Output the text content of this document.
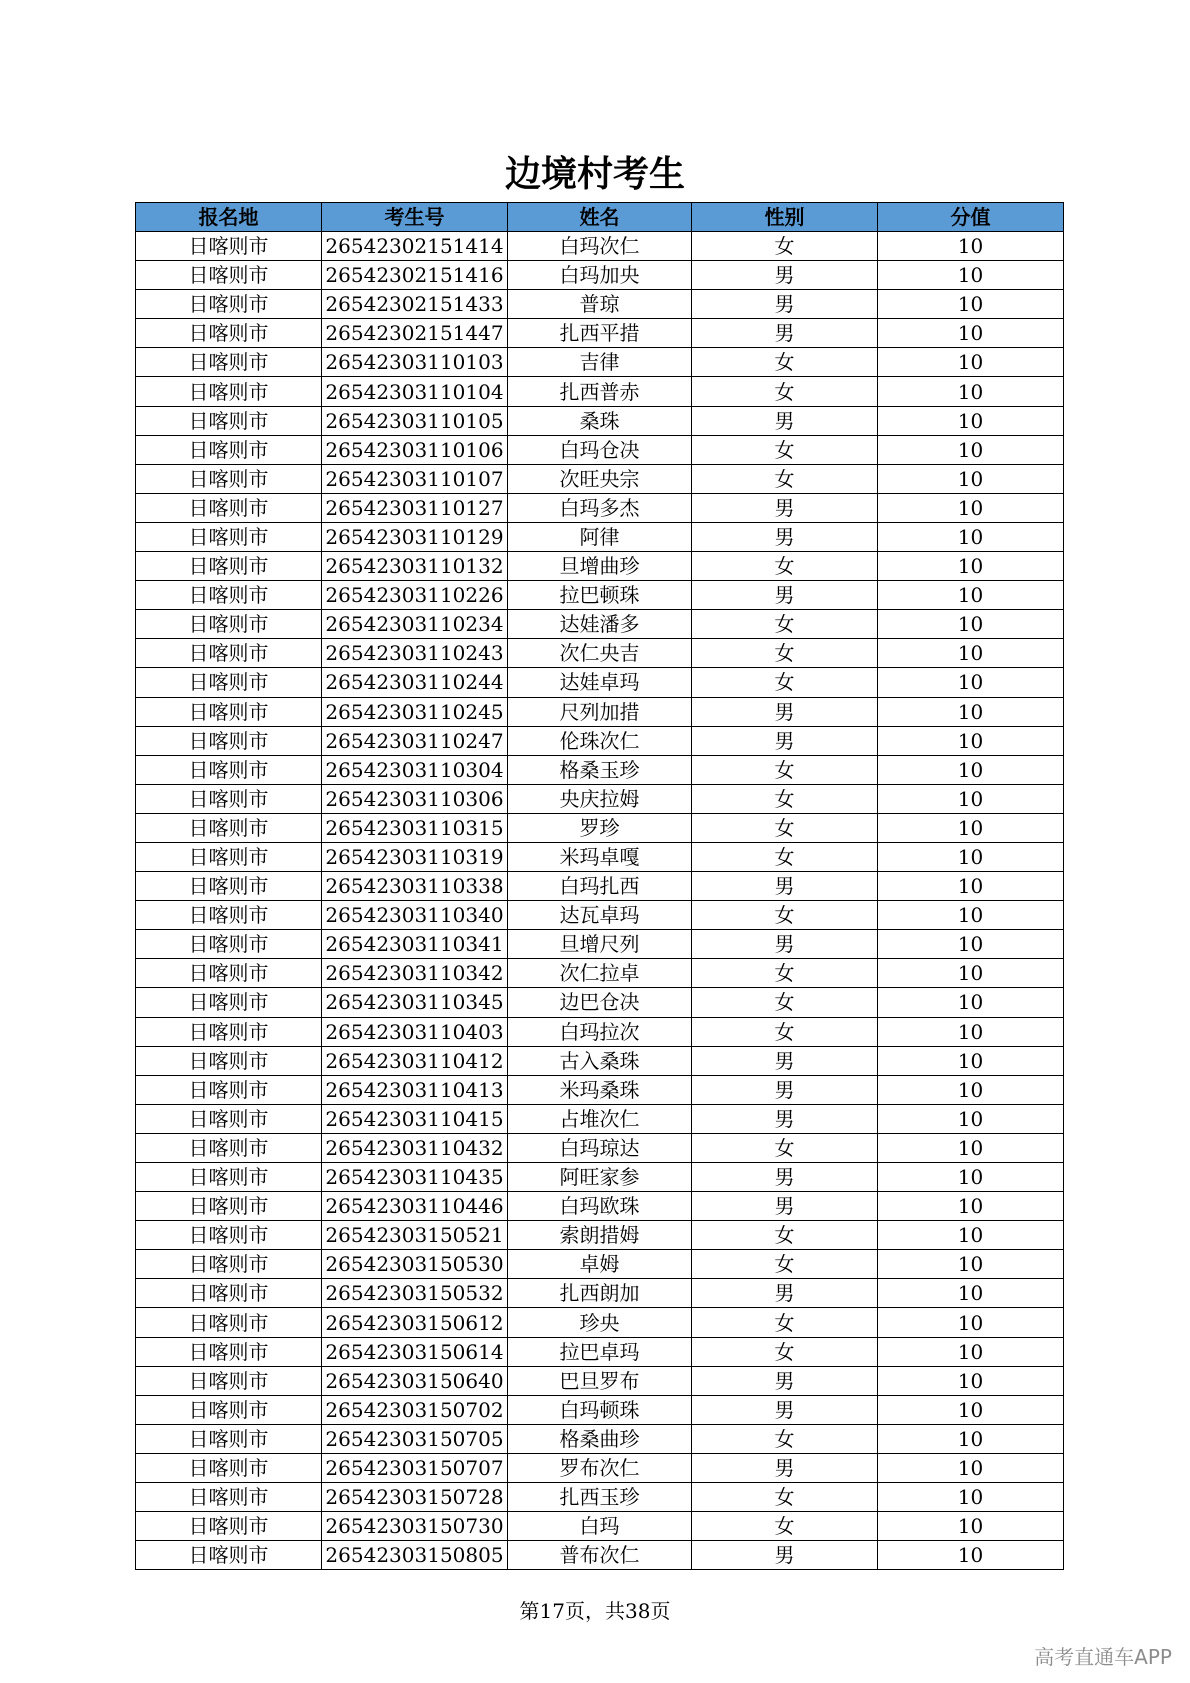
边境村考生
报名地	考生号	姓名	性别	分值
日喀则市	26542302151414	白玛次仁	女	10
日喀则市	26542302151416	白玛加央	男	10
日喀则市	26542302151433	普琼	男	10
日喀则市	26542302151447	扎西平措	男	10
日喀则市	26542303110103	吉律	女	10
日喀则市	26542303110104	扎西普赤	女	10
日喀则市	26542303110105	桑珠	男	10
日喀则市	26542303110106	白玛仓决	女	10
日喀则市	26542303110107	次旺央宗	女	10
日喀则市	26542303110127	白玛多杰	男	10
日喀则市	26542303110129	阿律	男	10
日喀则市	26542303110132	旦增曲珍	女	10
日喀则市	26542303110226	拉巴顿珠	男	10
日喀则市	26542303110234	达娃潘多	女	10
日喀则市	26542303110243	次仁央吉	女	10
日喀则市	26542303110244	达娃卓玛	女	10
日喀则市	26542303110245	尺列加措	男	10
日喀则市	26542303110247	伦珠次仁	男	10
日喀则市	26542303110304	格桑玉珍	女	10
日喀则市	26542303110306	央庆拉姆	女	10
日喀则市	26542303110315	罗珍	女	10
日喀则市	26542303110319	米玛卓嘎	女	10
日喀则市	26542303110338	白玛扎西	男	10
日喀则市	26542303110340	达瓦卓玛	女	10
日喀则市	26542303110341	旦增尺列	男	10
日喀则市	26542303110342	次仁拉卓	女	10
日喀则市	26542303110345	边巴仓决	女	10
日喀则市	26542303110403	白玛拉次	女	10
日喀则市	26542303110412	古入桑珠	男	10
日喀则市	26542303110413	米玛桑珠	男	10
日喀则市	26542303110415	占堆次仁	男	10
日喀则市	26542303110432	白玛琼达	女	10
日喀则市	26542303110435	阿旺家参	男	10
日喀则市	26542303110446	白玛欧珠	男	10
日喀则市	26542303150521	索朗措姆	女	10
日喀则市	26542303150530	卓姆	女	10
日喀则市	26542303150532	扎西朗加	男	10
日喀则市	26542303150612	珍央	女	10
日喀则市	26542303150614	拉巴卓玛	女	10
日喀则市	26542303150640	巴旦罗布	男	10
日喀则市	26542303150702	白玛顿珠	男	10
日喀则市	26542303150705	格桑曲珍	女	10
日喀则市	26542303150707	罗布次仁	男	10
日喀则市	26542303150728	扎西玉珍	女	10
日喀则市	26542303150730	白玛	女	10
日喀则市	26542303150805	普布次仁	男	10
第17页，共38页
高考直通车APP
